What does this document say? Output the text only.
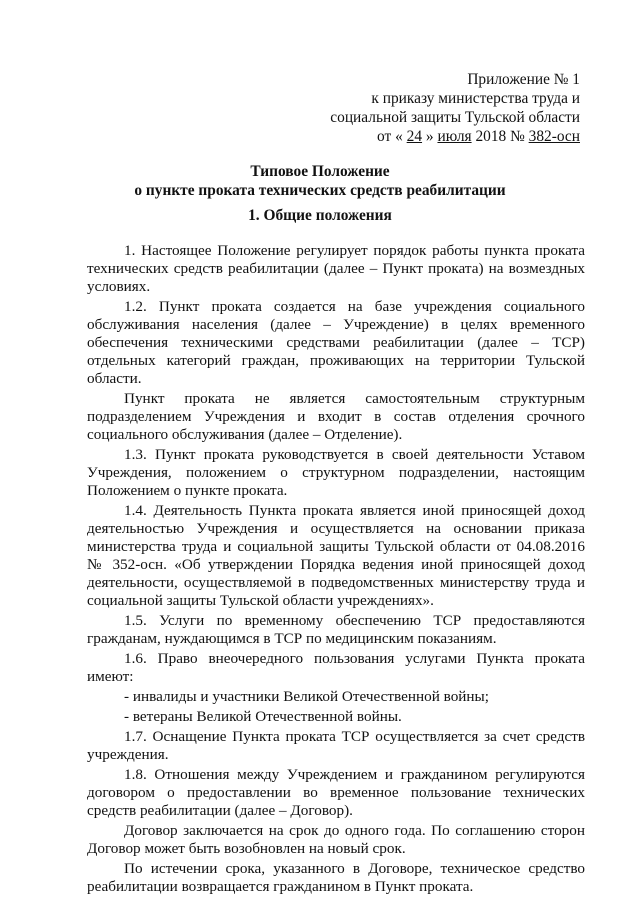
Приложение № 1
к приказу министерства труда и
социальной защиты Тульской области
от « 24 » июля 2018 № 382-осн
Типовое Положение
о пункте проката технических средств реабилитации
1. Общие положения

1. Настоящее Положение регулирует порядок работы пункта проката технических средств реабилитации (далее – Пункт проката) на возмездных условиях.

1.2. Пункт проката создается на базе учреждения социального обслуживания населения (далее – Учреждение) в целях временного обеспечения техническими средствами реабилитации (далее – ТСР) отдельных категорий граждан, проживающих на территории Тульской области.

Пункт проката не является самостоятельным структурным подразделением Учреждения и входит в состав отделения срочного социального обслуживания (далее – Отделение).

1.3. Пункт проката руководствуется в своей деятельности Уставом Учреждения, положением о структурном подразделении, настоящим Положением о пункте проката.

1.4. Деятельность Пункта проката является иной приносящей доход деятельностью Учреждения и осуществляется на основании приказа министерства труда и социальной защиты Тульской области от 04.08.2016 № 352-осн. «Об утверждении Порядка ведения иной приносящей доход деятельности, осуществляемой в подведомственных министерству труда и социальной защиты Тульской области учреждениях».

1.5. Услуги по временному обеспечению ТСР предоставляются гражданам, нуждающимся в ТСР по медицинским показаниям.

1.6. Право внеочередного пользования услугами Пункта проката имеют:

- инвалиды и участники Великой Отечественной войны;

- ветераны Великой Отечественной войны.

1.7. Оснащение Пункта проката ТСР осуществляется за счет средств учреждения.

1.8. Отношения между Учреждением и гражданином регулируются договором о предоставлении во временное пользование технических средств реабилитации (далее – Договор).

Договор заключается на срок до одного года. По соглашению сторон Договор может быть возобновлен на новый срок.

По истечении срока, указанного в Договоре, техническое средство реабилитации возвращается гражданином в Пункт проката.
